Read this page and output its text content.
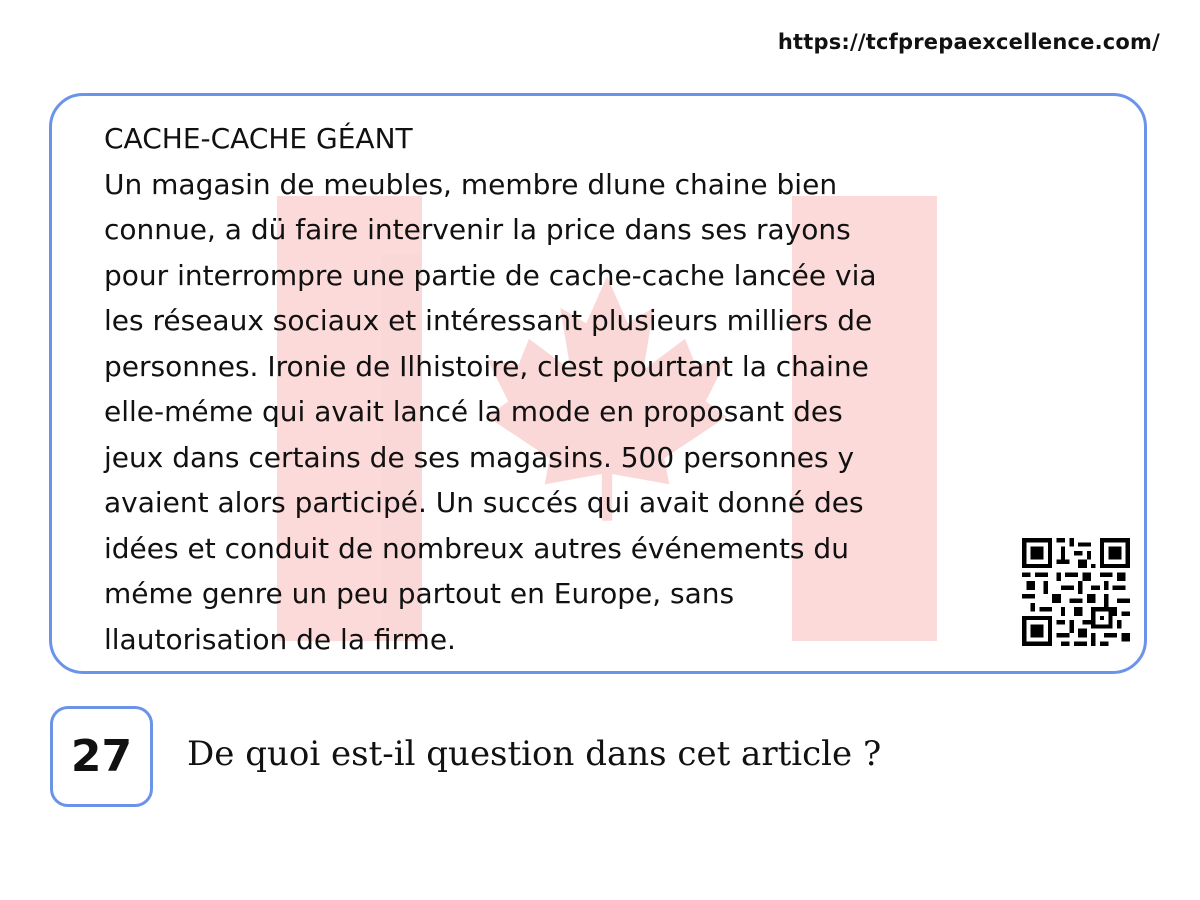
https://tcfprepaexcellence.com/
CACHE-CACHE GÉANT
Un magasin de meubles, membre dlune chaine bien
connue, a dü faire intervenir la price dans ses rayons
pour interrompre une partie de cache-cache lancée via
les réseaux sociaux et intéressant plusieurs milliers de
personnes. Ironie de Ilhistoire, clest pourtant la chaine
elle-méme qui avait lancé la mode en proposant des
jeux dans certains de ses magasins. 500 personnes y
avaient alors participé. Un succés qui avait donné des
idées et conduit de nombreux autres événements du
méme genre un peu partout en Europe, sans
llautorisation de la firme.
27 De quoi est-il question dans cet article ?
